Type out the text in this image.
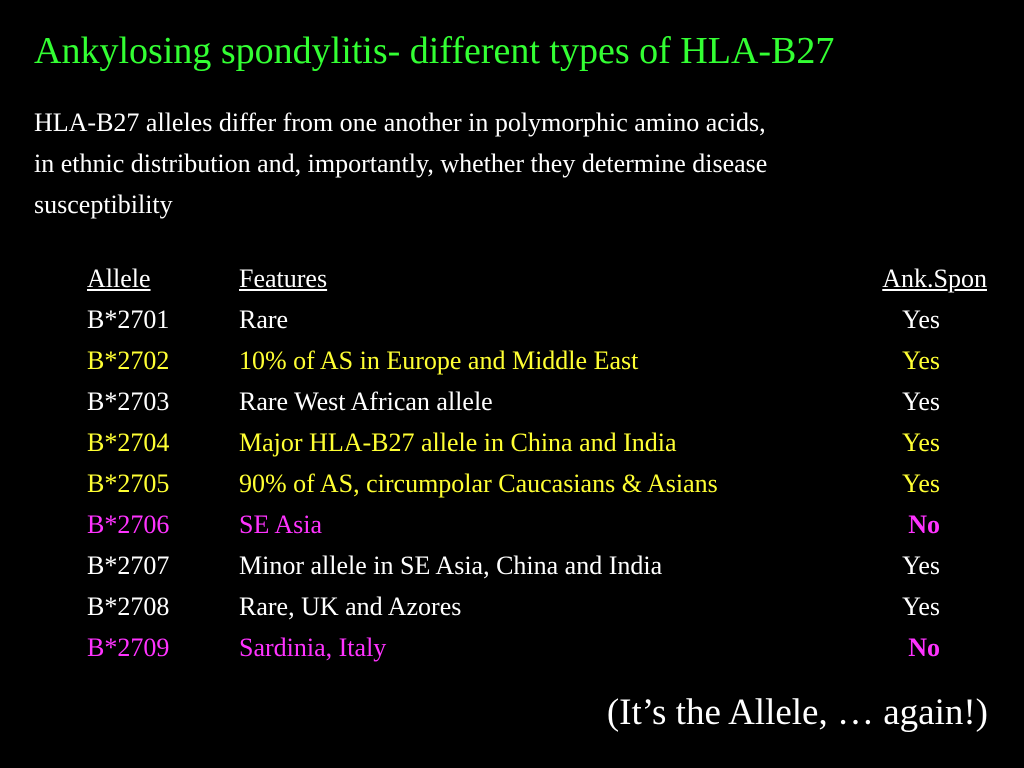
Ankylosing spondylitis- different types of HLA-B27
HLA-B27 alleles differ from one another in polymorphic amino acids,
in ethnic distribution and, importantly, whether they determine disease
susceptibility
Allele	Features	Ank.Spon
B*2701	Rare	Yes
B*2702	10% of AS in Europe and Middle East	Yes
B*2703	Rare West African allele	Yes
B*2704	Major HLA-B27 allele in China and India	Yes
B*2705	90% of AS, circumpolar Caucasians & Asians	Yes
B*2706	SE Asia	No
B*2707	Minor allele in SE Asia, China and India	Yes
B*2708	Rare, UK and Azores	Yes
B*2709	Sardinia, Italy	No
(It’s the Allele, … again!)
